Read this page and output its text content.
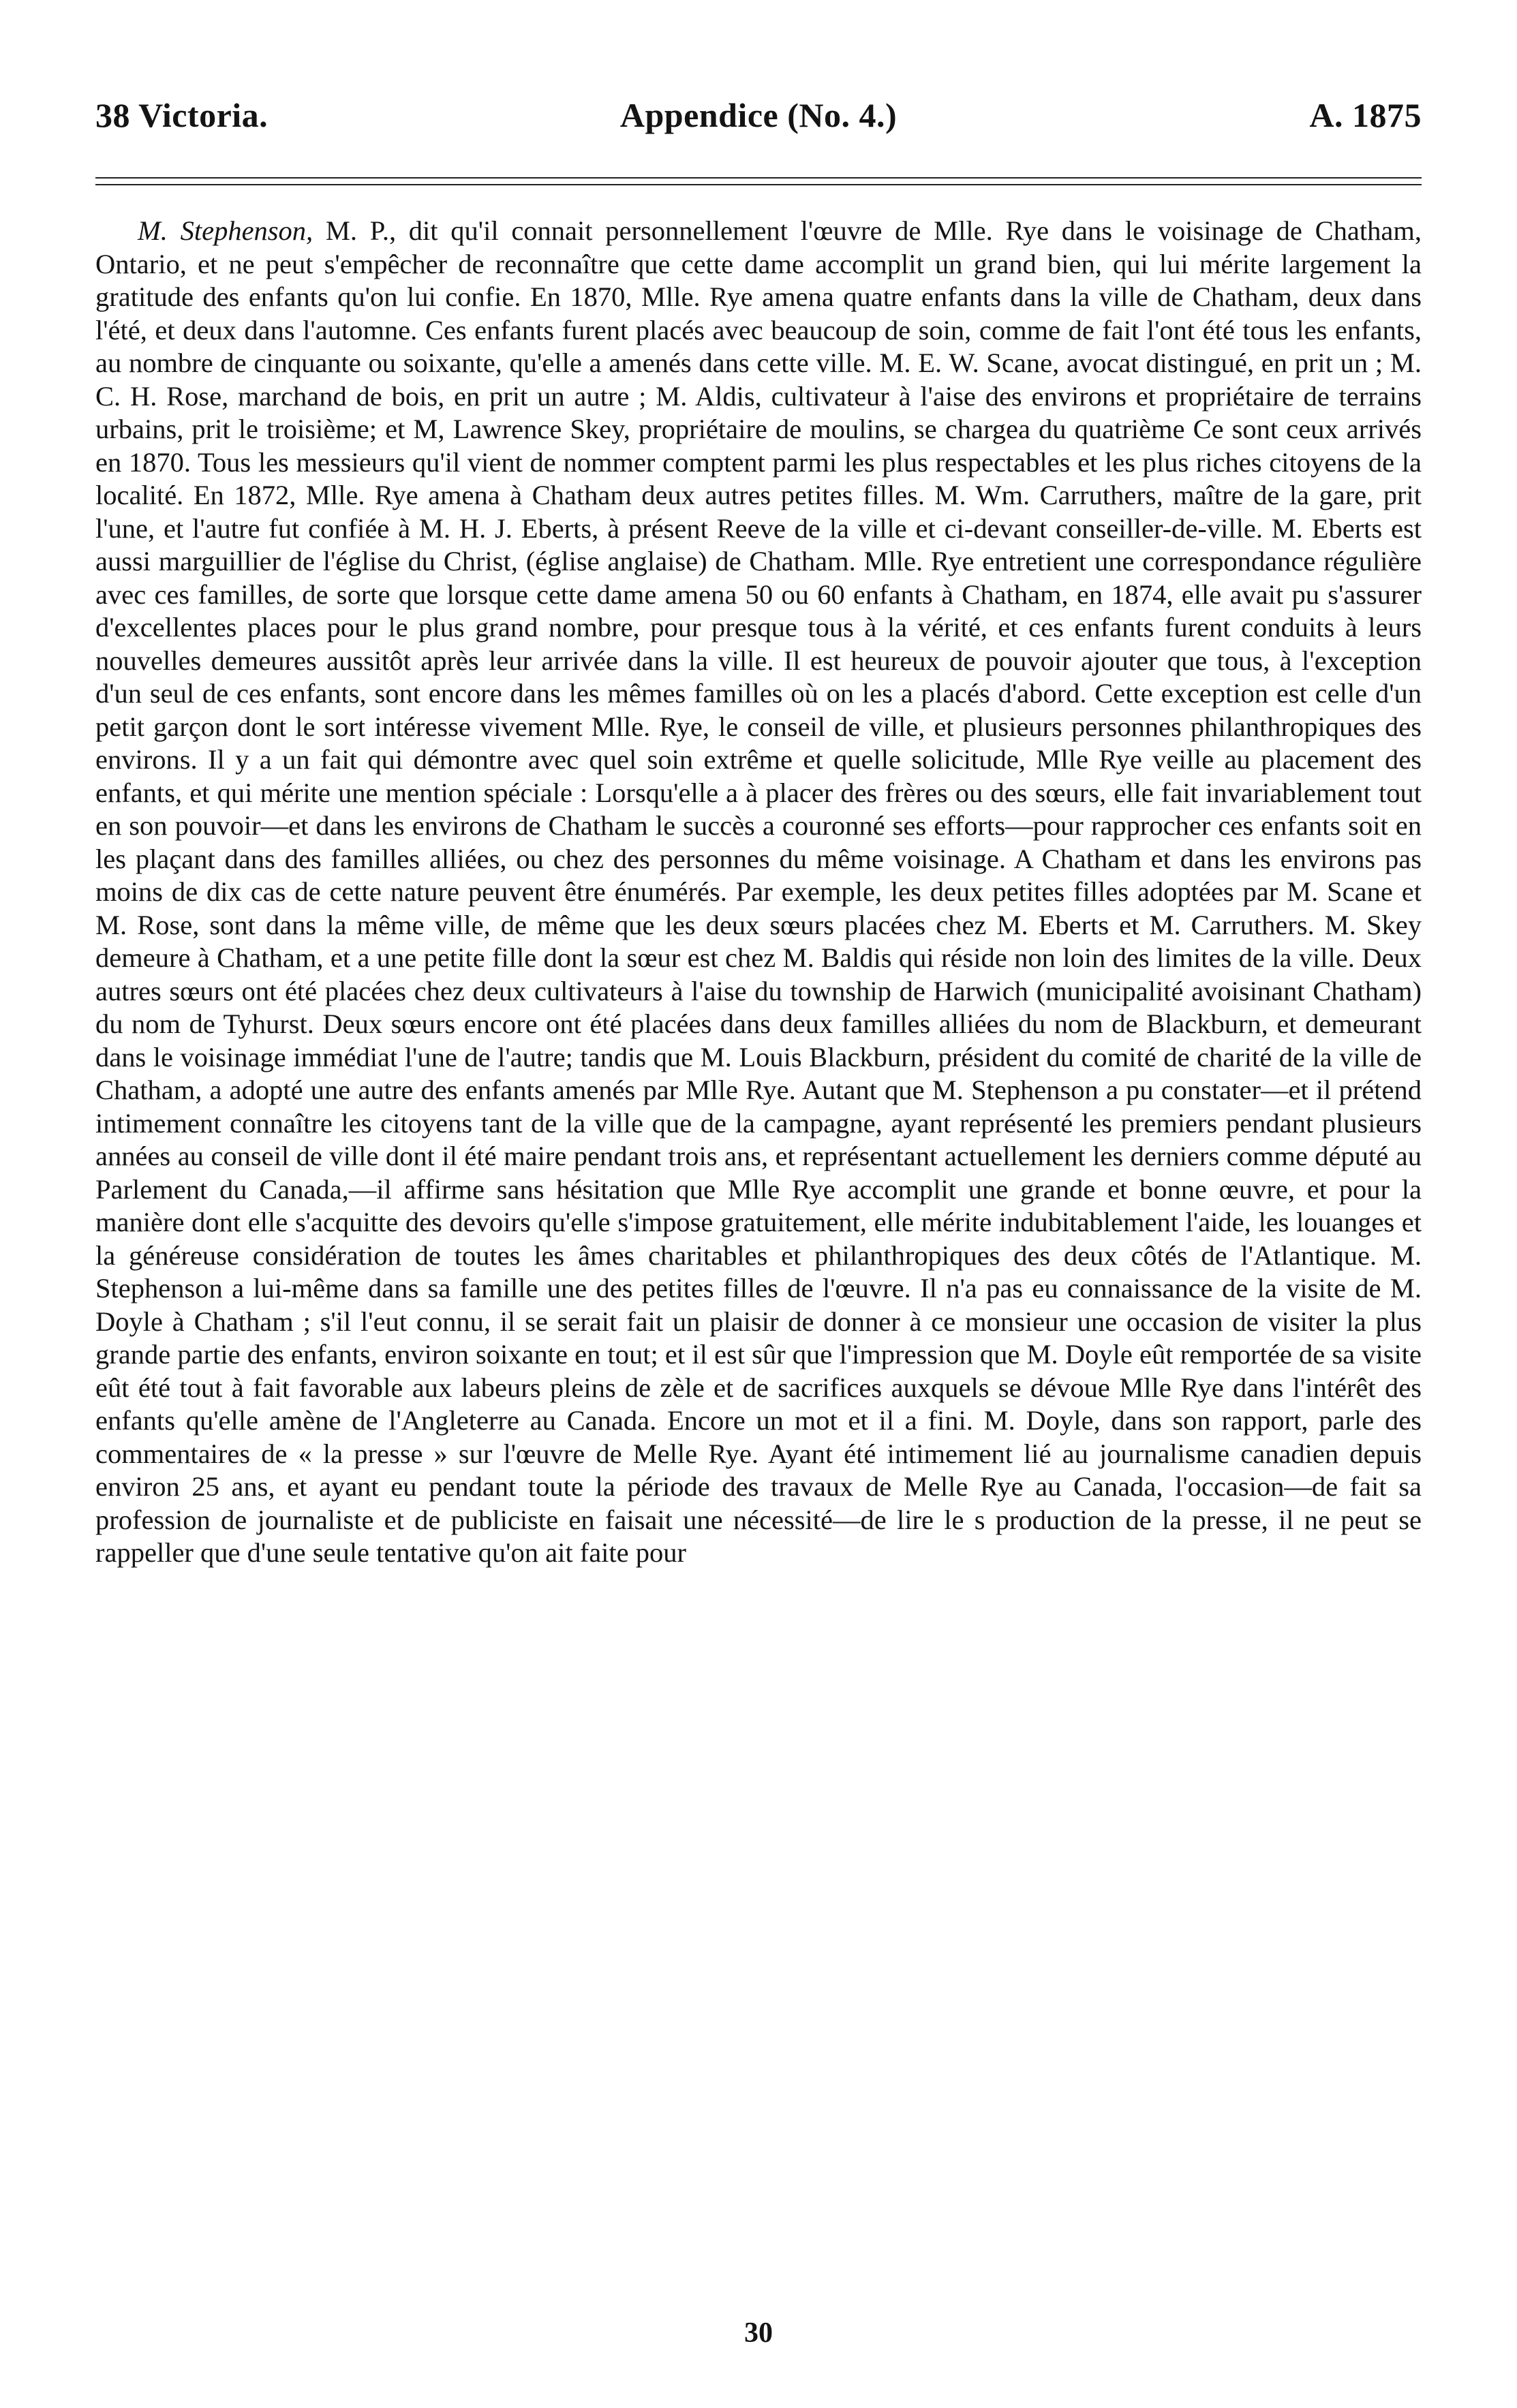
38 Victoria.	Appendice (No. 4.)	A. 1875

M. Stephenson, M. P., dit qu'il connait personnellement l'œuvre de Mlle. Rye dans le voisinage de Chatham, Ontario, et ne peut s'empêcher de reconnaître que cette dame accomplit un grand bien, qui lui mérite largement la gratitude des enfants qu'on lui confie. En 1870, Mlle. Rye amena quatre enfants dans la ville de Chatham, deux dans l'été, et deux dans l'automne. Ces enfants furent placés avec beaucoup de soin, comme de fait l'ont été tous les enfants, au nombre de cinquante ou soixante, qu'elle a amenés dans cette ville. M. E. W. Scane, avocat distingué, en prit un ; M. C. H. Rose, marchand de bois, en prit un autre ; M. Aldis, cultivateur à l'aise des environs et propriétaire de terrains urbains, prit le troisième; et M, Lawrence Skey, propriétaire de moulins, se chargea du quatrième Ce sont ceux arrivés en 1870. Tous les messieurs qu'il vient de nommer comptent parmi les plus respectables et les plus riches citoyens de la localité. En 1872, Mlle. Rye amena à Chatham deux autres petites filles. M. Wm. Carruthers, maître de la gare, prit l'une, et l'autre fut confiée à M. H. J. Eberts, à présent Reeve de la ville et ci-devant conseiller-de-ville. M. Eberts est aussi marguillier de l'église du Christ, (église anglaise) de Chatham. Mlle. Rye entretient une correspondance régulière avec ces familles, de sorte que lorsque cette dame amena 50 ou 60 enfants à Chatham, en 1874, elle avait pu s'assurer d'excellentes places pour le plus grand nombre, pour presque tous à la vérité, et ces enfants furent conduits à leurs nouvelles demeures aussitôt après leur arrivée dans la ville. Il est heureux de pouvoir ajouter que tous, à l'exception d'un seul de ces enfants, sont encore dans les mêmes familles où on les a placés d'abord. Cette exception est celle d'un petit garçon dont le sort intéresse vivement Mlle. Rye, le conseil de ville, et plusieurs personnes philanthropiques des environs. Il y a un fait qui démontre avec quel soin extrême et quelle solicitude, Mlle Rye veille au placement des enfants, et qui mérite une mention spéciale : Lorsqu'elle a à placer des frères ou des sœurs, elle fait invariablement tout en son pouvoir—et dans les environs de Chatham le succès a couronné ses efforts—pour rapprocher ces enfants soit en les plaçant dans des familles alliées, ou chez des personnes du même voisinage. A Chatham et dans les environs pas moins de dix cas de cette nature peuvent être énumérés. Par exemple, les deux petites filles adoptées par M. Scane et M. Rose, sont dans la même ville, de même que les deux sœurs placées chez M. Eberts et M. Carruthers. M. Skey demeure à Chatham, et a une petite fille dont la sœur est chez M. Baldis qui réside non loin des limites de la ville. Deux autres sœurs ont été placées chez deux cultivateurs à l'aise du township de Harwich (municipalité avoisinant Chatham) du nom de Tyhurst. Deux sœurs encore ont été placées dans deux familles alliées du nom de Blackburn, et demeurant dans le voisinage immédiat l'une de l'autre; tandis que M. Louis Blackburn, président du comité de charité de la ville de Chatham, a adopté une autre des enfants amenés par Mlle Rye. Autant que M. Stephenson a pu constater—et il prétend intimement connaître les citoyens tant de la ville que de la campagne, ayant représenté les premiers pendant plusieurs années au conseil de ville dont il été maire pendant trois ans, et représentant actuellement les derniers comme député au Parlement du Canada,—il affirme sans hésitation que Mlle Rye accomplit une grande et bonne œuvre, et pour la manière dont elle s'acquitte des devoirs qu'elle s'impose gratuitement, elle mérite indubitablement l'aide, les louanges et la généreuse considération de toutes les âmes charitables et philanthropiques des deux côtés de l'Atlantique. M. Stephenson a lui-même dans sa famille une des petites filles de l'œuvre. Il n'a pas eu connaissance de la visite de M. Doyle à Chatham ; s'il l'eut connu, il se serait fait un plaisir de donner à ce monsieur une occasion de visiter la plus grande partie des enfants, environ soixante en tout; et il est sûr que l'impression que M. Doyle eût remportée de sa visite eût été tout à fait favorable aux labeurs pleins de zèle et de sacrifices auxquels se dévoue Mlle Rye dans l'intérêt des enfants qu'elle amène de l'Angleterre au Canada. Encore un mot et il a fini. M. Doyle, dans son rapport, parle des commentaires de « la presse » sur l'œuvre de Melle Rye. Ayant été intimement lié au journalisme canadien depuis environ 25 ans, et ayant eu pendant toute la période des travaux de Melle Rye au Canada, l'occasion—de fait sa profession de journaliste et de publiciste en faisait une nécessité—de lire le s production de la presse, il ne peut se rappeller que d'une seule tentative qu'on ait faite pour

30
